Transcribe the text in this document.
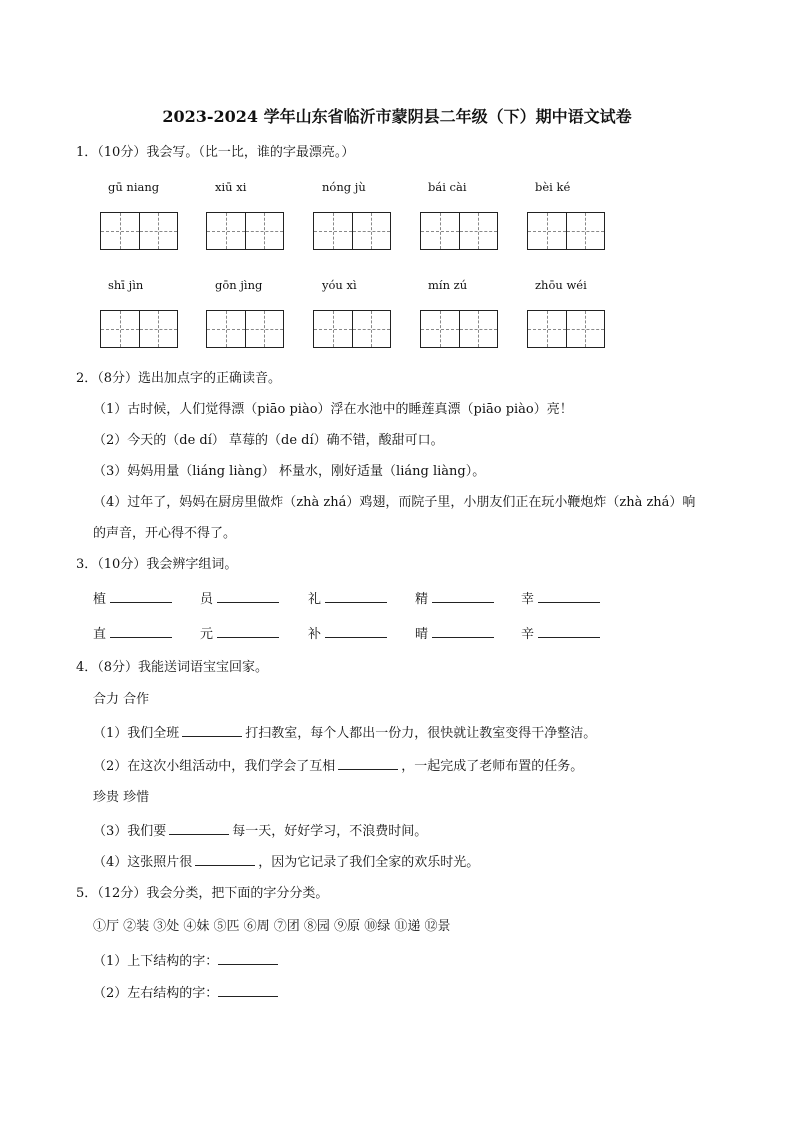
2023-2024 学年山东省临沂市蒙阴县二年级（下）期中语文试卷
1．（10分）我会写。（比一比，谁的字最漂亮。）
gū niang	xiū xi	nóng jù	bái cài	bèi ké
shī jìn	gōn jìng	yóu xì	mín zú	zhōu wéi
2．（8分）选出加点字的正确读音。
（1）古时候，人们觉得漂（piāo piào）浮在水池中的睡莲真漂（piāo piào）亮！
（2）今天的（de dí） 草莓的（de dí）确不错，酸甜可口。
（3）妈妈用量（liáng liàng） 杯量水，刚好适量（liáng liàng）。
（4）过年了，妈妈在厨房里做炸（zhà zhá）鸡翅，而院子里，小朋友们正在玩小鞭炮炸（zhà zhá）响
的声音，开心得不得了。
3．（10分）我会辨字组词。
植	员	礼	精	幸
直	元	补	晴	辛
4．（8分）我能送词语宝宝回家。
合力 合作
（1）我们全班	打扫教室，每个人都出一份力，很快就让教室变得干净整洁。
（2）在这次小组活动中，我们学会了互相	，一起完成了老师布置的任务。
珍贵 珍惜
（3）我们要	每一天，好好学习，不浪费时间。
（4）这张照片很	，因为它记录了我们全家的欢乐时光。
5．（12分）我会分类，把下面的字分分类。
①厅 ②装 ③处 ④妹 ⑤匹 ⑥周 ⑦团 ⑧园 ⑨原 ⑩绿 ⑪递 ⑫景
（1）上下结构的字：
（2）左右结构的字：
